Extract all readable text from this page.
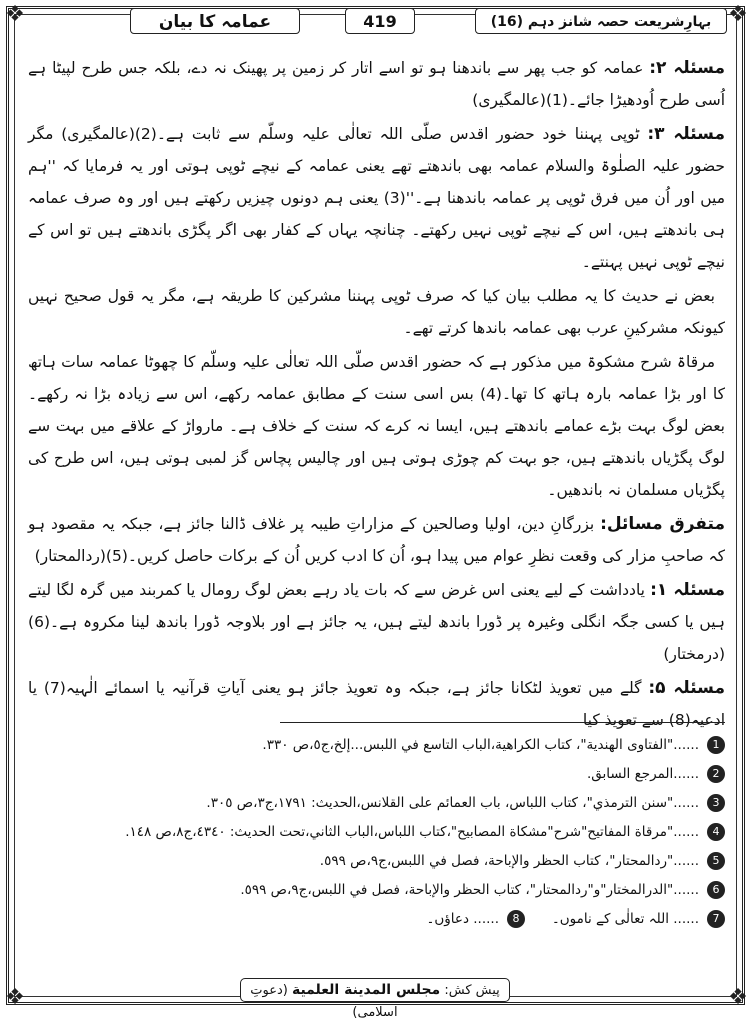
❖	❖
❖	❖
عمامہ کا بیان	419	بہارِشریعت حصہ شانز دہم (16)

مسئلہ ۲: عمامہ کو جب پھر سے باندھنا ہو تو اسے اتار کر زمین پر پھینک نہ دے، بلکہ جس طرح لپیٹا ہے اُسی طرح اُودھیڑا جائے۔(1)(عالمگیری)

مسئلہ ۳: ٹوپی پہننا خود حضور اقدس صلّی اللہ تعالٰی علیہ وسلّم سے ثابت ہے۔(2)(عالمگیری) مگر حضور علیہ الصلٰوۃ والسلام عمامہ بھی باندھتے تھے یعنی عمامہ کے نیچے ٹوپی ہوتی اور یہ فرمایا کہ ''ہم میں اور اُن میں فرق ٹوپی پر عمامہ باندھنا ہے۔''(3) یعنی ہم دونوں چیزیں رکھتے ہیں اور وہ صرف عمامہ ہی باندھتے ہیں، اس کے نیچے ٹوپی نہیں رکھتے۔ چنانچہ یہاں کے کفار بھی اگر پگڑی باندھتے ہیں تو اس کے نیچے ٹوپی نہیں پہنتے۔

بعض نے حدیث کا یہ مطلب بیان کیا کہ صرف ٹوپی پہننا مشرکین کا طریقہ ہے، مگر یہ قول صحیح نہیں کیونکہ مشرکینِ عرب بھی عمامہ باندھا کرتے تھے۔

مرقاۃ شرح مشکوۃ میں مذکور ہے کہ حضور اقدس صلّی اللہ تعالٰی علیہ وسلّم کا چھوٹا عمامہ سات ہاتھ کا اور بڑا عمامہ بارہ ہاتھ کا تھا۔(4) بس اسی سنت کے مطابق عمامہ رکھے، اس سے زیادہ بڑا نہ رکھے۔ بعض لوگ بہت بڑے عمامے باندھتے ہیں، ایسا نہ کرے کہ سنت کے خلاف ہے۔ مارواڑ کے علاقے میں بہت سے لوگ پگڑیاں باندھتے ہیں، جو بہت کم چوڑی ہوتی ہیں اور چالیس پچاس گز لمبی ہوتی ہیں، اس طرح کی پگڑیاں مسلمان نہ باندھیں۔

متفرق مسائل: بزرگانِ دین، اولیا وصالحین کے مزاراتِ طیبہ پر غلاف ڈالنا جائز ہے، جبکہ یہ مقصود ہو کہ صاحبِ مزار کی وقعت نظرِ عوام میں پیدا ہو، اُن کا ادب کریں اُن کے برکات حاصل کریں۔(5)(ردالمحتار)

مسئلہ ۱: یادداشت کے لیے یعنی اس غرض سے کہ بات یاد رہے بعض لوگ رومال یا کمربند میں گرہ لگا لیتے ہیں یا کسی جگہ انگلی وغیرہ پر ڈورا باندھ لیتے ہیں، یہ جائز ہے اور بلاوجہ ڈورا باندھ لینا مکروہ ہے۔(6)(درمختار)

مسئلہ ۵: گلے میں تعویذ لٹکانا جائز ہے، جبکہ وہ تعویذ جائز ہو یعنی آیاتِ قرآنیہ یا اسمائے الٰہیہ(7) یا ادعیہ(8) سے تعویذ کیا

1
......"الفتاوى الهندية"، كتاب الكراهية،الباب التاسع في اللبس...إلخ،ج٥،ص ٣٣٠.
2
......المرجع السابق.
3
......"سنن الترمذي"، كتاب اللباس، باب العمائم على القلانس،الحديث: ١٧٩١،ج٣،ص ٣٠٥.
4
......"مرقاة المفاتيح"شرح"مشكاة المصابيح"،كتاب اللباس،الباب الثاني،تحت الحديث: ٤٣٤٠،ج٨،ص ١٤٨.
5
......"ردالمحتار"، كتاب الحظر والإباحة، فصل في اللبس،ج٩،ص ٥٩٩.
6
......"الدرالمختار"و"ردالمحتار"، كتاب الحظر والإباحة، فصل في اللبس،ج٩،ص ٥٩٩.
7
...... اللہ تعالٰی کے ناموں۔
8
...... دعاؤں۔
پیش کش: مجلس المدينة العلمية (دعوتِ اسلامی)
